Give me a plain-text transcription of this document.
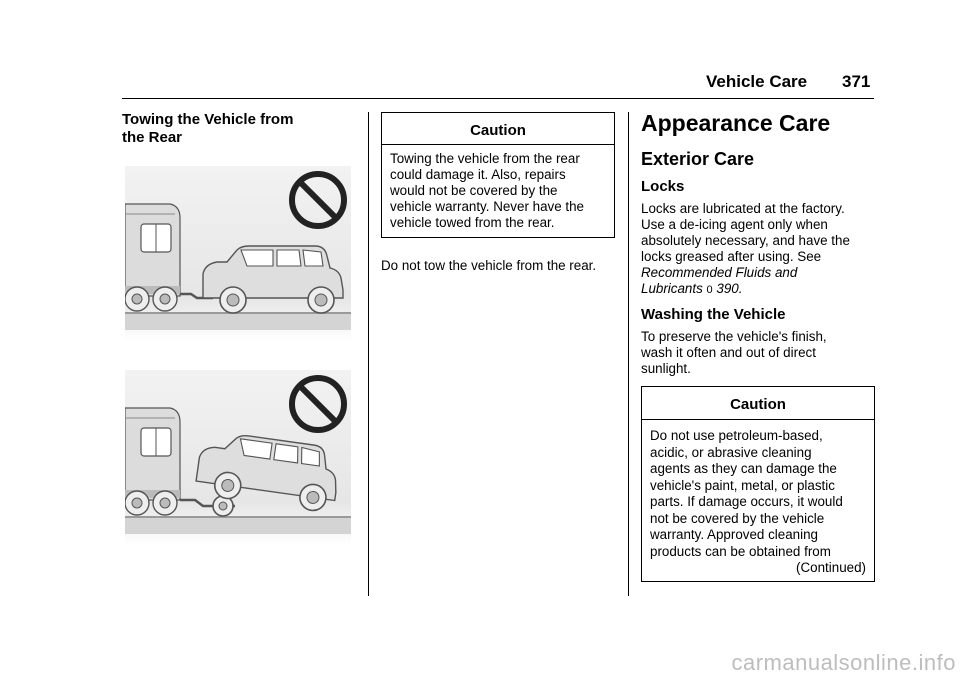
Vehicle Care 371
Towing the Vehicle from
the Rear	Caution
Towing the vehicle from the rear
could damage it. Also, repairs
would not be covered by the
vehicle warranty. Never have the
vehicle towed from the rear.
Do not tow the vehicle from the rear.
Appearance Care
Exterior Care
Locks
Locks are lubricated at the factory.
Use a de-icing agent only when
absolutely necessary, and have the
locks greased after using. See
Recommended Fluids and
Lubricants 0 390.
Washing the Vehicle
To preserve the vehicle's finish,
wash it often and out of direct
sunlight.
Caution
Do not use petroleum-based,
acidic, or abrasive cleaning
agents as they can damage the
vehicle's paint, metal, or plastic
parts. If damage occurs, it would
not be covered by the vehicle
warranty. Approved cleaning
products can be obtained from
(Continued)
carmanualsonline.info
